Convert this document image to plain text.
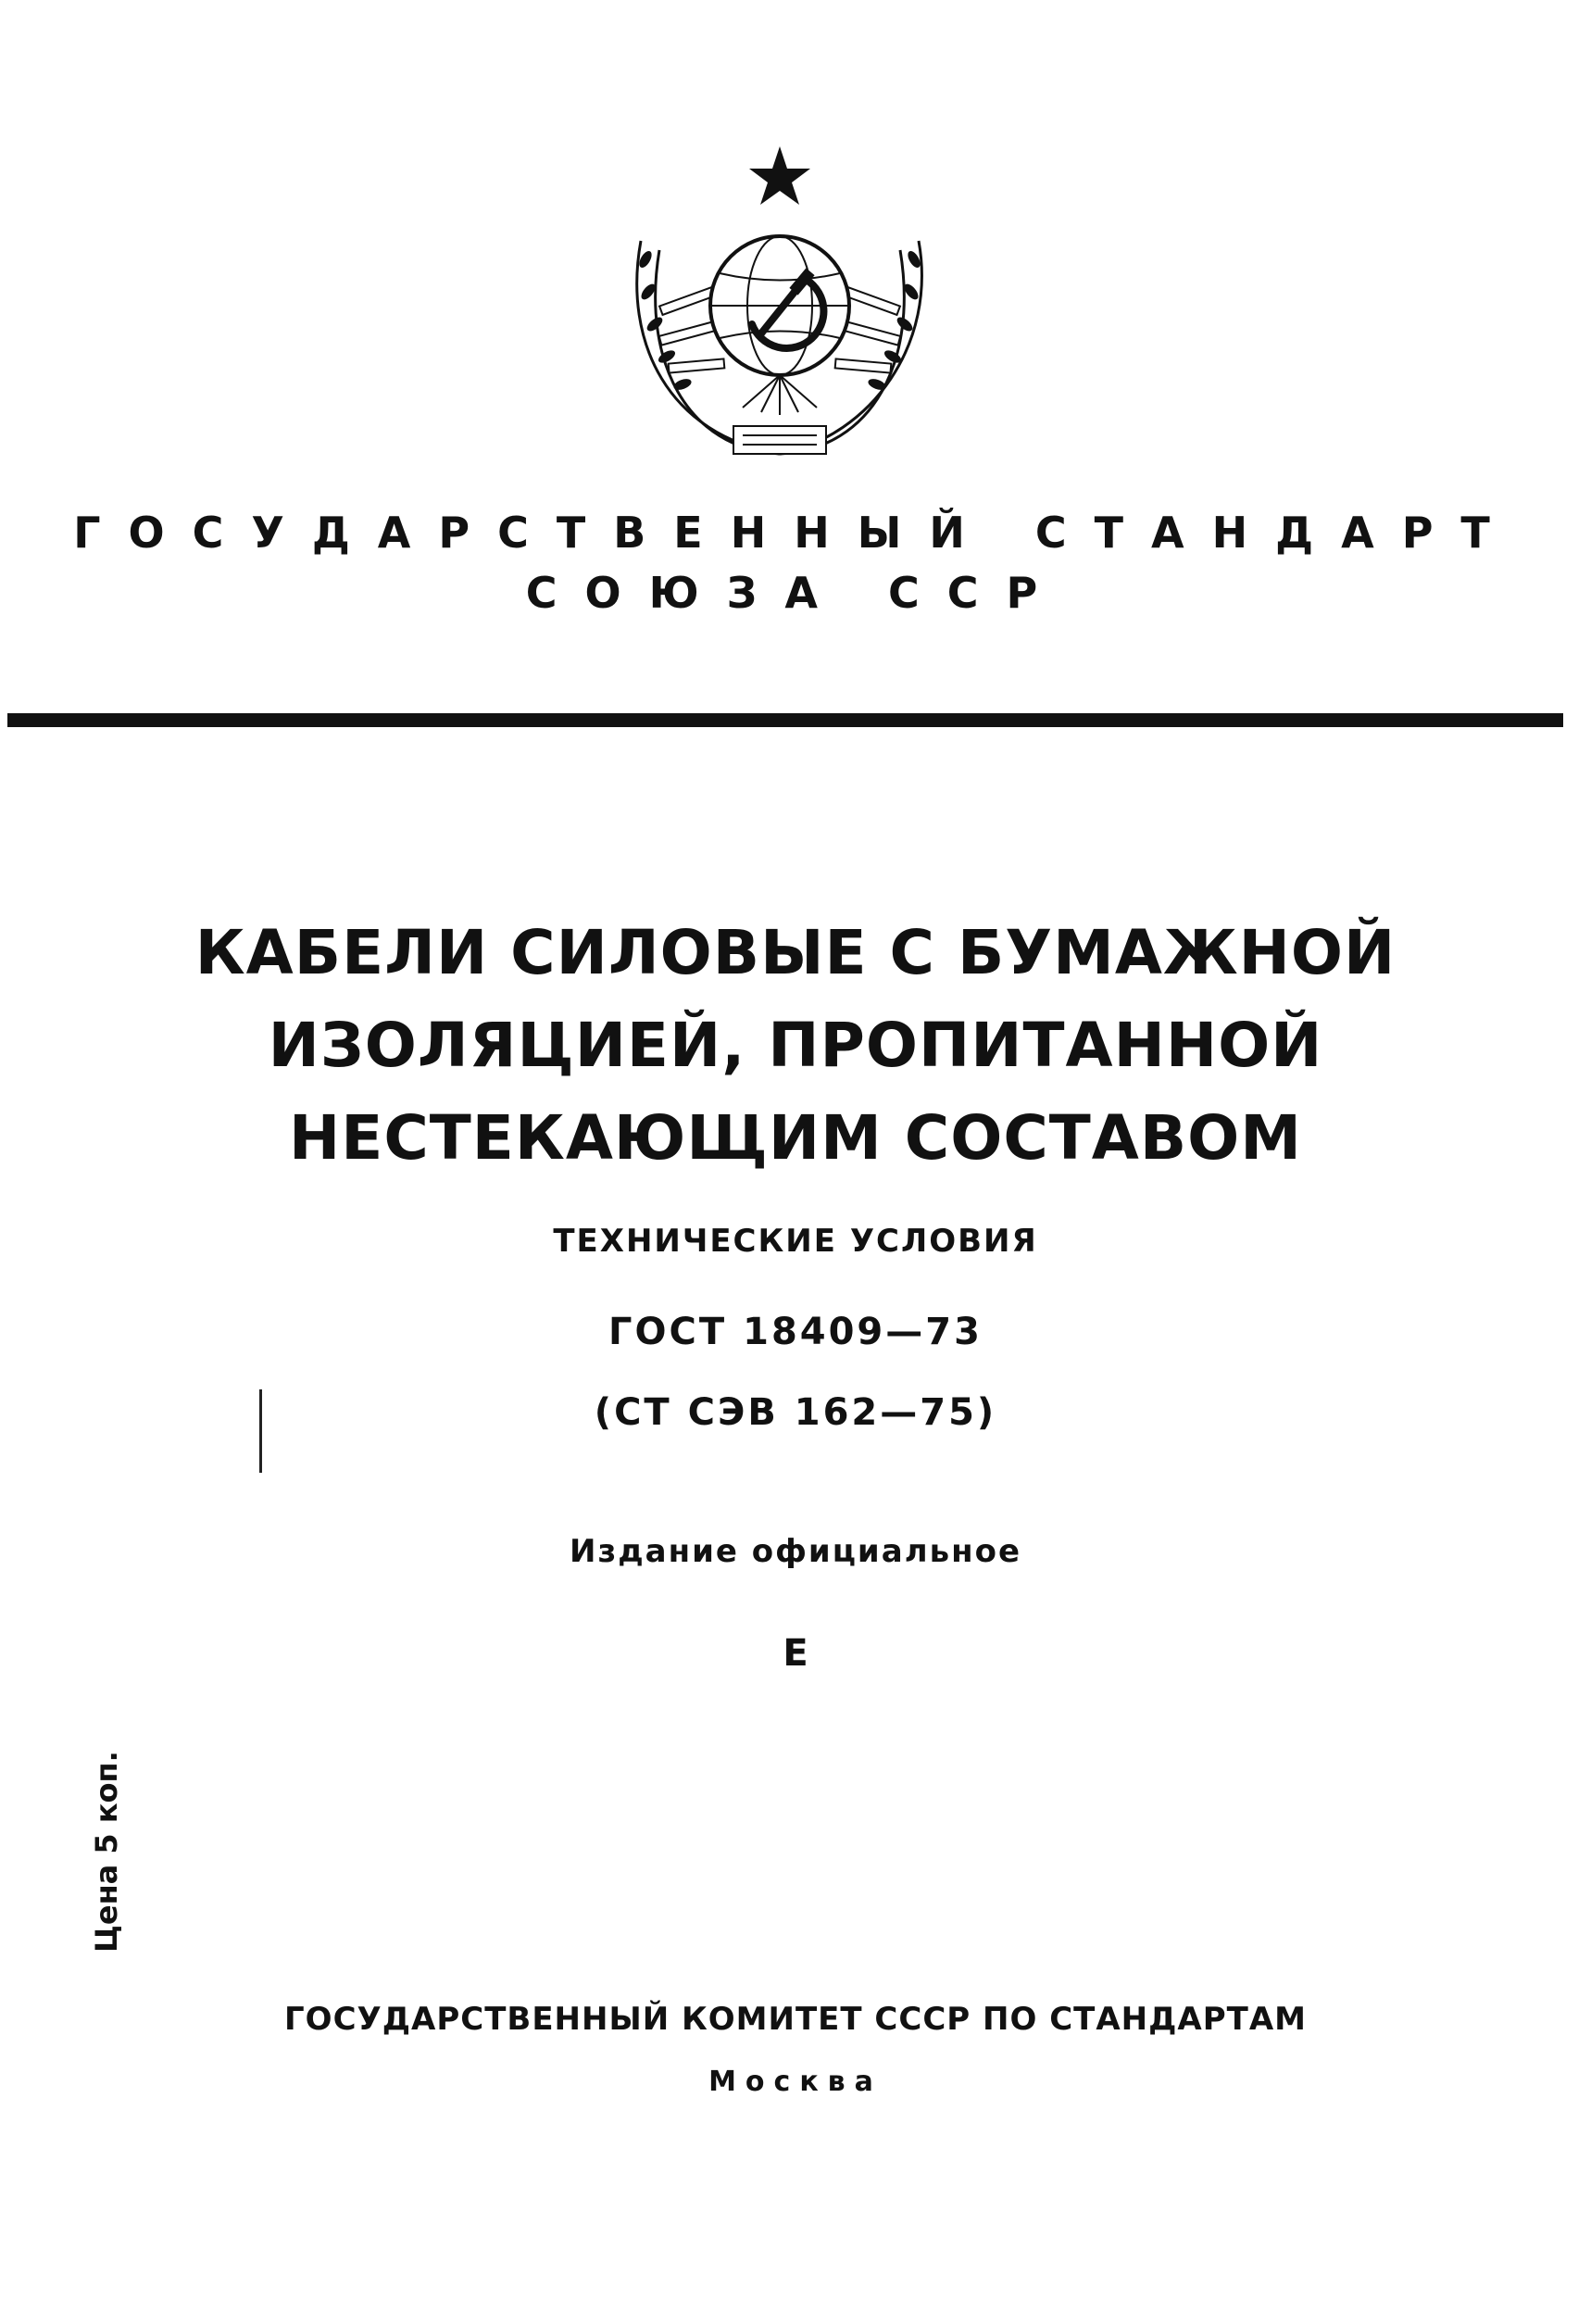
ГОСУДАРСТВЕННЫЙ СТАНДАРТ
СОЮЗА ССР
КАБЕЛИ СИЛОВЫЕ С БУМАЖНОЙ
ИЗОЛЯЦИЕЙ, ПРОПИТАННОЙ
НЕСТЕКАЮЩИМ СОСТАВОМ
ТЕХНИЧЕСКИЕ УСЛОВИЯ
ГОСТ 18409—73
(СТ СЭВ 162—75)
Издание официальное
Е
Цена 5 коп.
ГОСУДАРСТВЕННЫЙ КОМИТЕТ СССР ПО СТАНДАРТАМ
Москва
